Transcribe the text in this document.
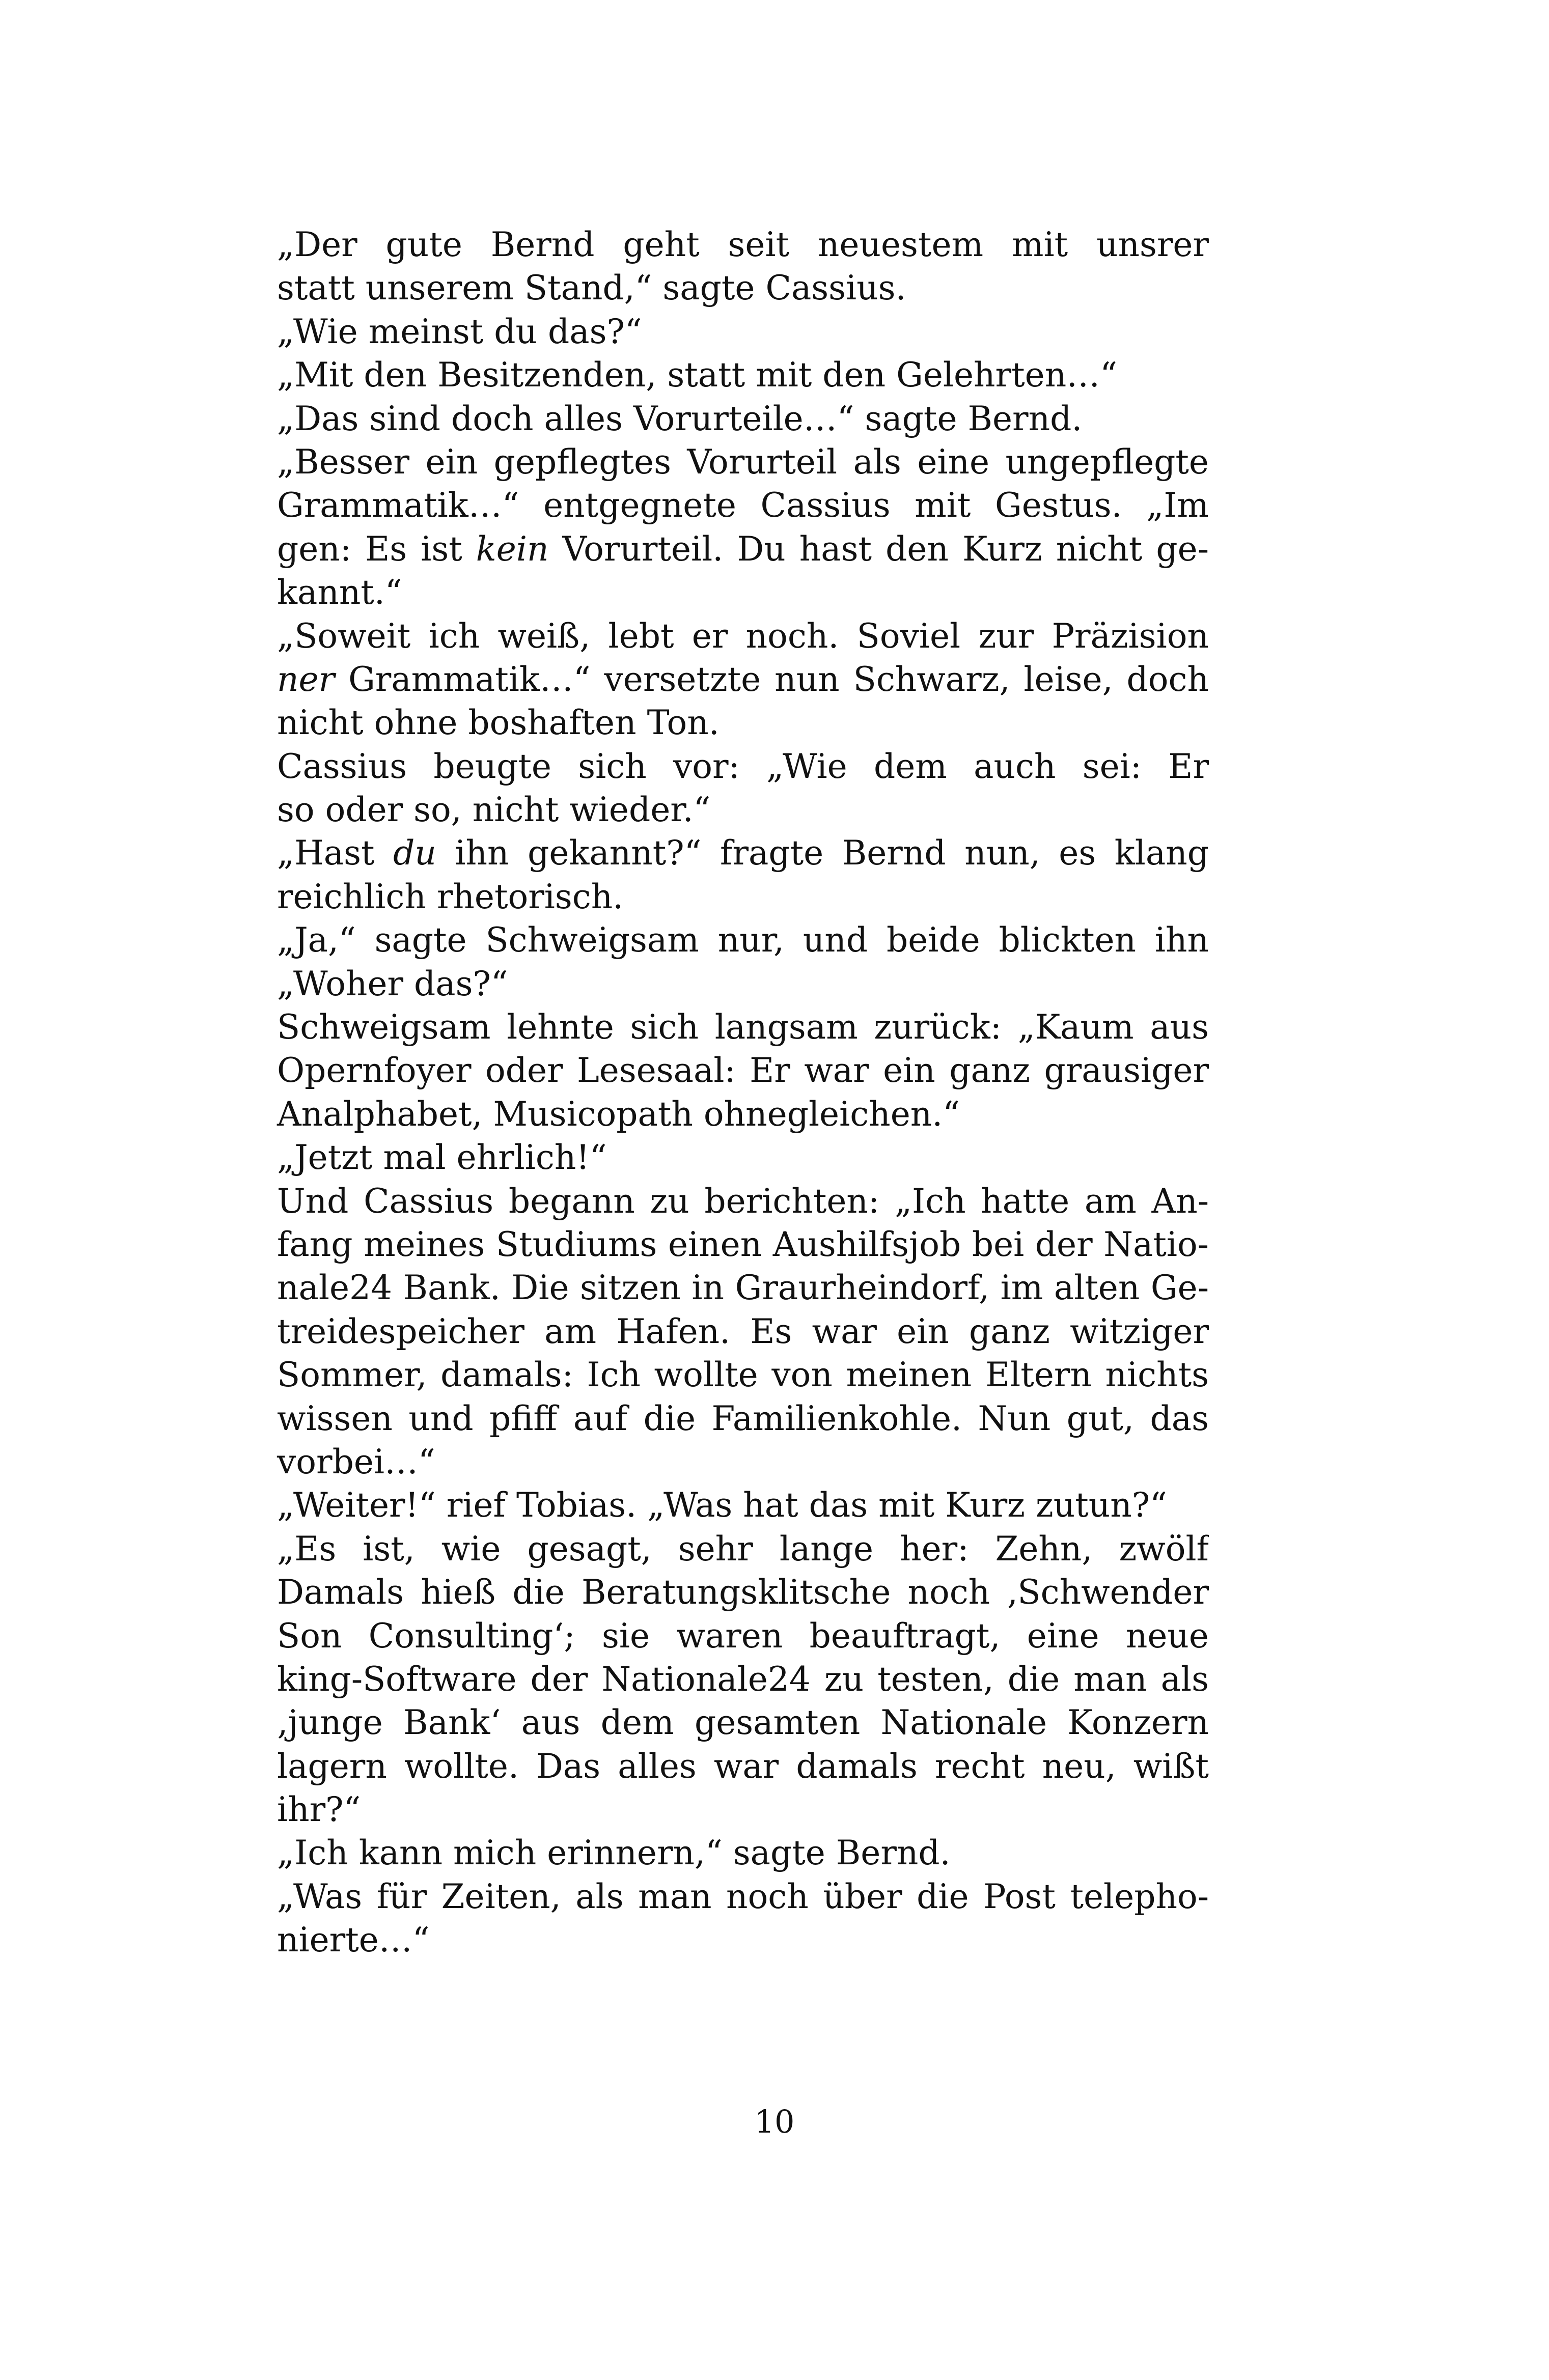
„Der gute Bernd geht seit neuestem mit unsrer
statt unserem Stand,“ sagte Cassius.
„Wie meinst du das?“
„Mit den Besitzenden, statt mit den Gelehrten…“
„Das sind doch alles Vorurteile…“ sagte Bernd.
„Besser ein gepflegtes Vorurteil als eine ungepflegte
Grammatik…“ entgegnete Cassius mit Gestus. „Im
gen: Es ist kein Vorurteil. Du hast den Kurz nicht ge-
kannt.“
„Soweit ich weiß, lebt er noch. Soviel zur Präzision
ner Grammatik…“ versetzte nun Schwarz, leise, doch
nicht ohne boshaften Ton.
Cassius beugte sich vor: „Wie dem auch sei: Er
so oder so, nicht wieder.“
„Hast du ihn gekannt?“ fragte Bernd nun, es klang
reichlich rhetorisch.
„Ja,“ sagte Schweigsam nur, und beide blickten ihn
„Woher das?“
Schweigsam lehnte sich langsam zurück: „Kaum aus
Opernfoyer oder Lesesaal: Er war ein ganz grausiger
Analphabet, Musicopath ohnegleichen.“
„Jetzt mal ehrlich!“
Und Cassius begann zu berichten: „Ich hatte am An-
fang meines Studiums einen Aushilfsjob bei der Natio-
nale24 Bank. Die sitzen in Graurheindorf, im alten Ge-
treidespeicher am Hafen. Es war ein ganz witziger
Sommer, damals: Ich wollte von meinen Eltern nichts
wissen und pfiff auf die Familienkohle. Nun gut, das
vorbei…“
„Weiter!“ rief Tobias. „Was hat das mit Kurz zutun?“
„Es ist, wie gesagt, sehr lange her: Zehn, zwölf
Damals hieß die Beratungsklitsche noch ‚Schwender
Son Consulting‘; sie waren beauftragt, eine neue
king-Software der Nationale24 zu testen, die man als
‚junge Bank‘ aus dem gesamten Nationale Konzern
lagern wollte. Das alles war damals recht neu, wißt
ihr?“
„Ich kann mich erinnern,“ sagte Bernd.
„Was für Zeiten, als man noch über die Post telepho-
nierte…“
10
